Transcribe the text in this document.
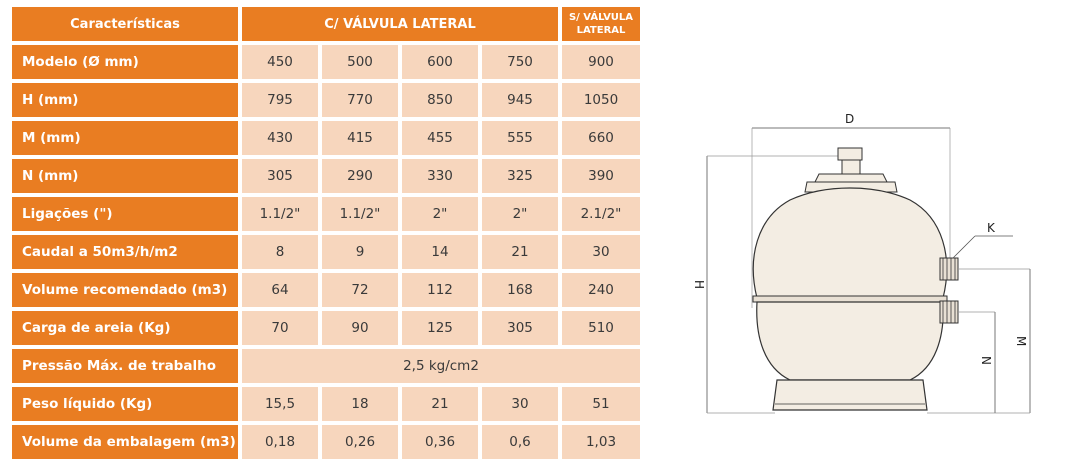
Características	C/ VÁLVULA LATERAL	S/ VÁLVULA
LATERAL
Modelo (Ø mm)	450	500	600	750	900
H (mm)	795	770	850	945	1050
M (mm)	430	415	455	555	660
N (mm)	305	290	330	325	390
Ligações (")	1.1/2"	1.1/2"	2"	2"	2.1/2"
Caudal a 50m3/h/m2	8	9	14	21	30
Volume recomendado (m3)	64	72	112	168	240
Carga de areia (Kg)	70	90	125	305	510
Pressão Máx. de trabalho	2,5 kg/cm2
Peso líquido (Kg)	15,5	18	21	30	51
Volume da embalagem (m3)	0,18	0,26	0,36	0,6	1,03
D
H
K
M
N
